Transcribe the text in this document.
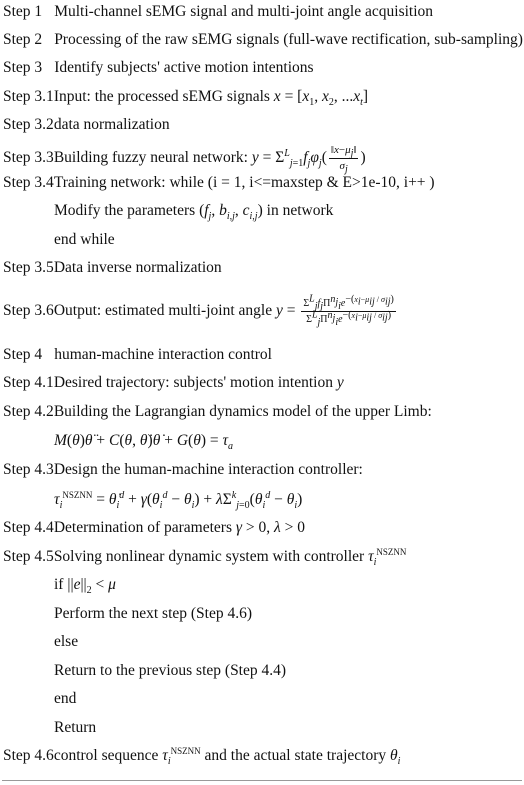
Step 1 Multi-channel sEMG signal and multi-joint angle acquisition
Step 2 Processing of the raw sEMG signals (full-wave rectification, sub-sampling)
Step 3 Identify subjects' active motion intentions
Step 3.1Input: the processed sEMG signals $x = [x_1$, $x_2$, $...x_t$]
Step 3.2data normalization
Step 3.3Building fuzzy neural network: $y = \Sigma^L_{j=1}f_j\varphi_j( \frac{‖x-\mu_j‖}{\sigma_j}$ )
Step 3.4Training network: while (i = 1, i<=maxstep & E>1e-10, i++ )
Modify the parameters ($f_j$, $b_{i,j}$, $c_{i,j}$) in network
end while
Step 3.5Data inverse normalization
Step 3.6Output: estimated multi-joint angle $y = \frac{\Sigma^L_jf_j\Pi^{n_j}_ie^{-(x_i-\mu_{ij} / \sigma_{ij})}}{\Sigma^L_j\Pi^{n_j}_ie^{-(x_i-\mu_{ij} / \sigma_{ij})}}$
Step 4 human-machine interaction control
Step 4.1Desired trajectory: subjects' motion intention y
Step 4.2Building the Lagrangian dynamics model of the upper Limb:
M(θ)θ̈ + C(θ, θ̇)θ̇ + $G(\theta) = \tau_a$
Step 4.3Design the human-machine interaction controller:
$\tau_i^{NSZNN}$ = $\thetȧ_i^d + \gamma(\theta_i^d - \theta_i) + \lambda\Sigma^k_{j=0}(\theta_i^d - \theta_i)$
Step 4.4Determination of parameters γ > 0, λ > 0
Step 4.5Solving nonlinear dynamic system with controller $\tau_i^{NSZNN}$
if $||e||_2 < \mu$
Perform the next step (Step 4.6)
else
Return to the previous step (Step 4.4)
end
Return
Step 4.6control sequence $\tau_i^{NSZNN}$ and the actual state trajectory $\theta_i$
